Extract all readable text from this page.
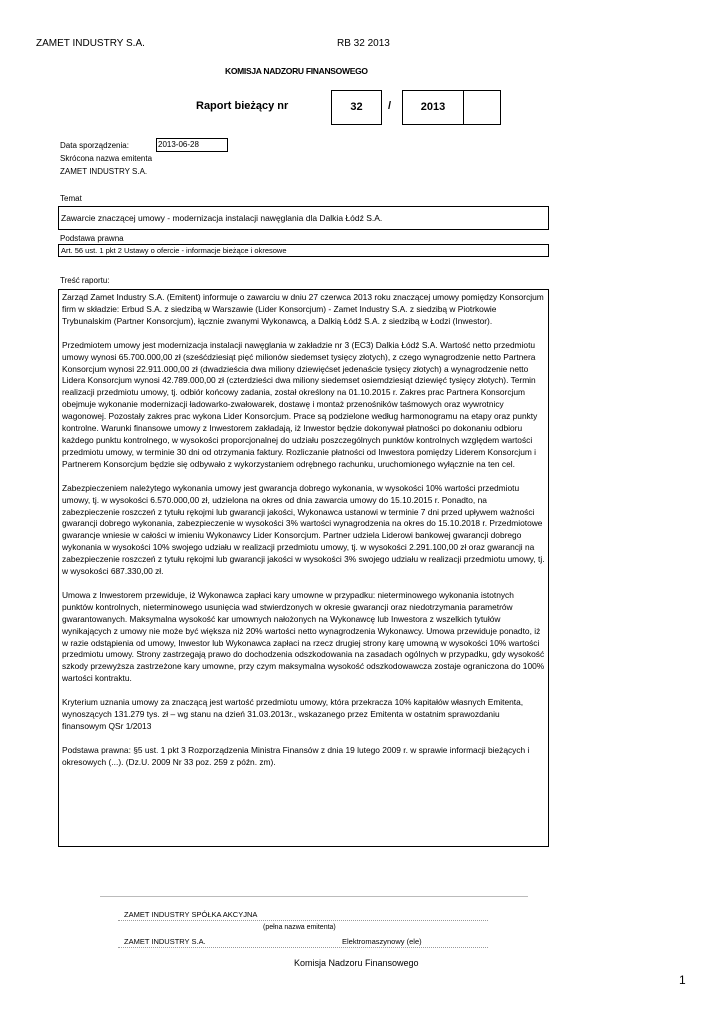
ZAMET INDUSTRY S.A.	RB 32 2013
KOMISJA NADZORU FINANSOWEGO
Raport bieżący nr	32	/	2013
Data sporządzenia:	2013-06-28
Skrócona nazwa emitenta
ZAMET INDUSTRY S.A.
Temat
Zawarcie znaczącej umowy - modernizacja instalacji nawęglania dla Dalkia Łódź S.A.
Podstawa prawna
Art. 56 ust. 1 pkt 2 Ustawy o ofercie - informacje bieżące i okresowe
Treść raportu:

Zarząd Zamet Industry S.A. (Emitent) informuje o zawarciu w dniu 27 czerwca 2013 roku znaczącej umowy pomiędzy Konsorcjum firm w składzie: Erbud S.A. z siedzibą w Warszawie (Lider Konsorcjum) - Zamet Industry S.A. z siedzibą w Piotrkowie Trybunalskim (Partner Konsorcjum), łącznie zwanymi Wykonawcą, a Dalkią Łódź S.A. z siedzibą w Łodzi (Inwestor).

Przedmiotem umowy jest modernizacja instalacji nawęglania w zakładzie nr 3 (EC3) Dalkia Łódź S.A. Wartość netto przedmiotu umowy wynosi 65.700.000,00 zł (sześćdziesiąt pięć milionów siedemset tysięcy złotych), z czego wynagrodzenie netto Partnera Konsorcjum wynosi 22.911.000,00 zł (dwadzieścia dwa miliony dziewięćset jedenaście tysięcy złotych) a wynagrodzenie netto Lidera Konsorcjum wynosi 42.789.000,00 zł (czterdzieści dwa miliony siedemset osiemdziesiąt dziewięć tysięcy złotych). Termin realizacji przedmiotu umowy, tj. odbiór końcowy zadania, został określony na 01.10.2015 r. Zakres prac Partnera Konsorcjum obejmuje wykonanie modernizacji ładowarko-zwałowarek, dostawę i montaż przenośników taśmowych oraz wywrotnicy wagonowej. Pozostały zakres prac wykona Lider Konsorcjum. Prace są podzielone według harmonogramu na etapy oraz punkty kontrolne. Warunki finansowe umowy z Inwestorem zakładają, iż Inwestor będzie dokonywał płatności po dokonaniu odbioru każdego punktu kontrolnego, w wysokości proporcjonalnej do udziału poszczególnych punktów kontrolnych względem wartości przedmiotu umowy, w terminie 30 dni od otrzymania faktury. Rozliczanie płatności od Inwestora pomiędzy Liderem Konsorcjum i Partnerem Konsorcjum będzie się odbywało z wykorzystaniem odrębnego rachunku, uruchomionego wyłącznie na ten cel.

Zabezpieczeniem należytego wykonania umowy jest gwarancja dobrego wykonania, w wysokości 10% wartości przedmiotu umowy, tj. w wysokości 6.570.000,00 zł, udzielona na okres od dnia zawarcia umowy do 15.10.2015 r. Ponadto, na zabezpieczenie roszczeń z tytułu rękojmi lub gwarancji jakości, Wykonawca ustanowi w terminie 7 dni przed upływem ważności gwarancji dobrego wykonania, zabezpieczenie w wysokości 3% wartości wynagrodzenia na okres do 15.10.2018 r. Przedmiotowe gwarancje wniesie w całości w imieniu Wykonawcy Lider Konsorcjum. Partner udziela Liderowi bankowej gwarancji dobrego wykonania w wysokości 10% swojego udziału w realizacji przedmiotu umowy, tj. w wysokości 2.291.100,00 zł oraz gwarancji na zabezpieczenie roszczeń z tytułu rękojmi lub gwarancji jakości w wysokości 3% swojego udziału w realizacji przedmiotu umowy, tj. w wysokości 687.330,00 zł.

Umowa z Inwestorem przewiduje, iż Wykonawca zapłaci kary umowne w przypadku: nieterminowego wykonania istotnych punktów kontrolnych, nieterminowego usunięcia wad stwierdzonych w okresie gwarancji oraz niedotrzymania parametrów gwarantowanych. Maksymalna wysokość kar umownych nałożonych na Wykonawcę lub Inwestora z wszelkich tytułów wynikających z umowy nie może być większa niż 20% wartości netto wynagrodzenia Wykonawcy. Umowa przewiduje ponadto, iż w razie odstąpienia od umowy, Inwestor lub Wykonawca zapłaci na rzecz drugiej strony karę umowną w wysokości 10% wartości przedmiotu umowy. Strony zastrzegają prawo do dochodzenia odszkodowania na zasadach ogólnych w przypadku, gdy wysokość szkody przewyższa zastrzeżone kary umowne, przy czym maksymalna wysokość odszkodowawcza zostaje ograniczona do 100% wartości kontraktu.

Kryterium uznania umowy za znaczącą jest wartość przedmiotu umowy, która przekracza 10% kapitałów własnych Emitenta, wynoszących 131.279 tys. zł – wg stanu na dzień 31.03.2013r., wskazanego przez Emitenta w ostatnim sprawozdaniu finansowym QSr 1/2013

Podstawa prawna: §5 ust. 1 pkt 3 Rozporządzenia Ministra Finansów z dnia 19 lutego 2009 r. w sprawie informacji bieżących i okresowych (...). (Dz.U. 2009 Nr 33 poz. 259 z późn. zm).

ZAMET INDUSTRY SPÓŁKA AKCYJNA
(pełna nazwa emitenta)
ZAMET INDUSTRY S.A.	Elektromaszynowy (ele)
Komisja Nadzoru Finansowego
1
